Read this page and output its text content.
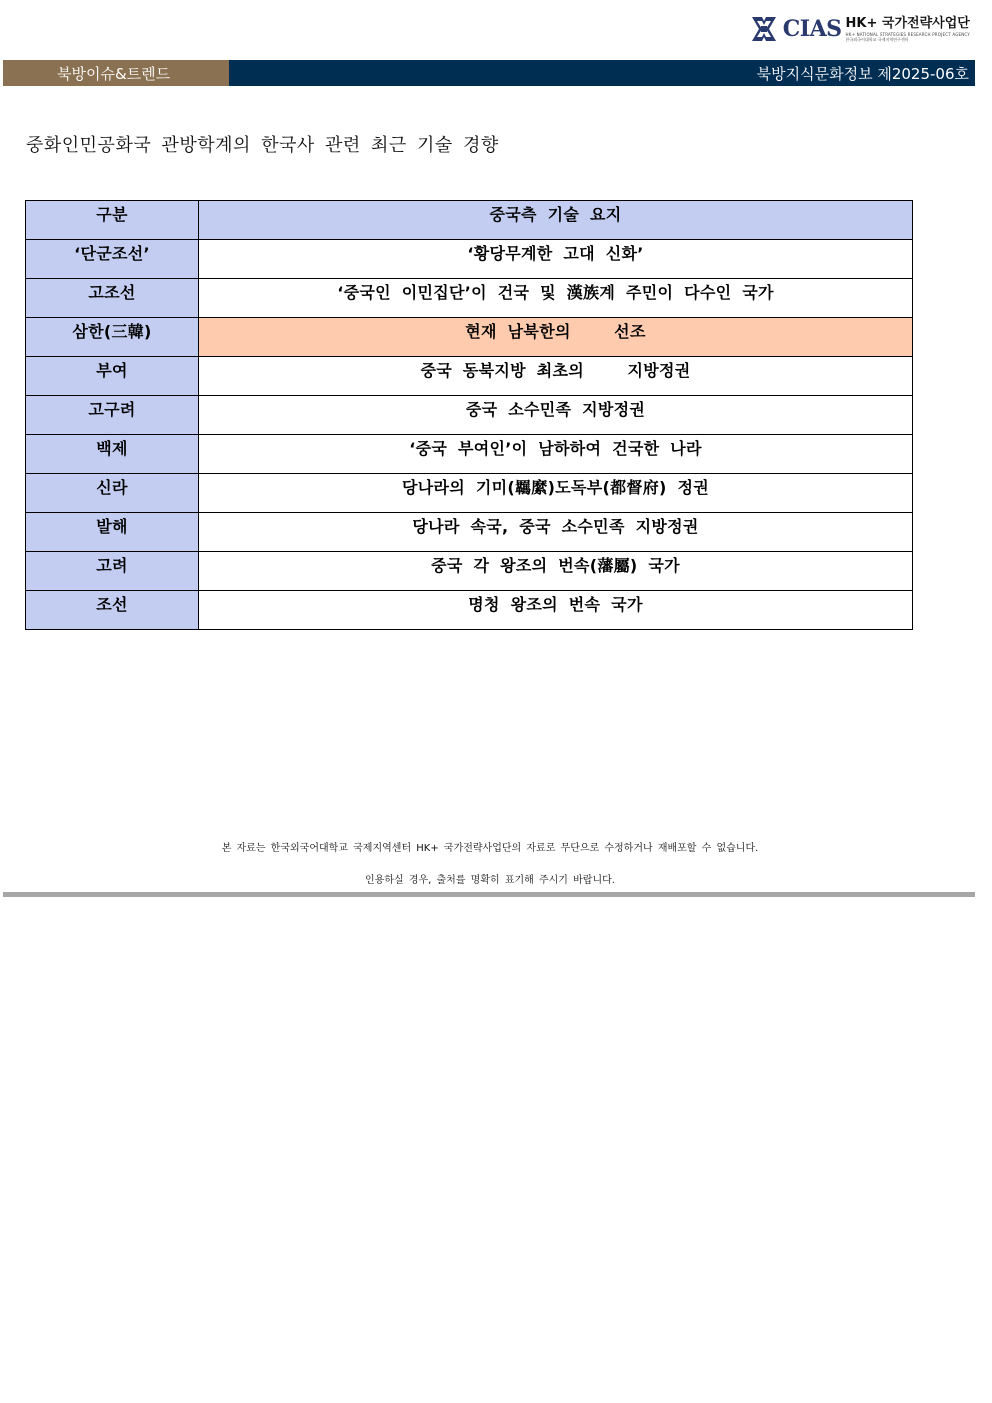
CIAS HK+ 국가전략사업단
HK+ NATIONAL STRATEGIES RESEARCH PROJECT AGENCY
한국외국어대학교 국제지역연구센터
북방이슈&트렌드	북방지식문화정보 제2025-06호
중화인민공화국 관방학계의 한국사 관련 최근 기술 경향
구분	중국측 기술 요지
‘단군조선’	‘황당무계한 고대 신화’
고조선	‘중국인 이민집단’이 건국 및 漢族계 주민이 다수인 국가
삼한(三韓)	현재 남북한의    선조
부여	중국 동북지방 최초의    지방정권
고구려	중국 소수민족 지방정권
백제	‘중국 부여인’이 남하하여 건국한 나라
신라	당나라의 기미(羈縻)도독부(都督府) 정권
발해	당나라 속국, 중국 소수민족 지방정권
고려	중국 각 왕조의 번속(藩屬) 국가
조선	명청 왕조의 번속 국가
본 자료는 한국외국어대학교 국제지역센터 HK+ 국가전략사업단의 자료로 무단으로 수정하거나 재배포할 수 없습니다.
인용하실 경우, 출처를 명확히 표기해 주시기 바랍니다.
